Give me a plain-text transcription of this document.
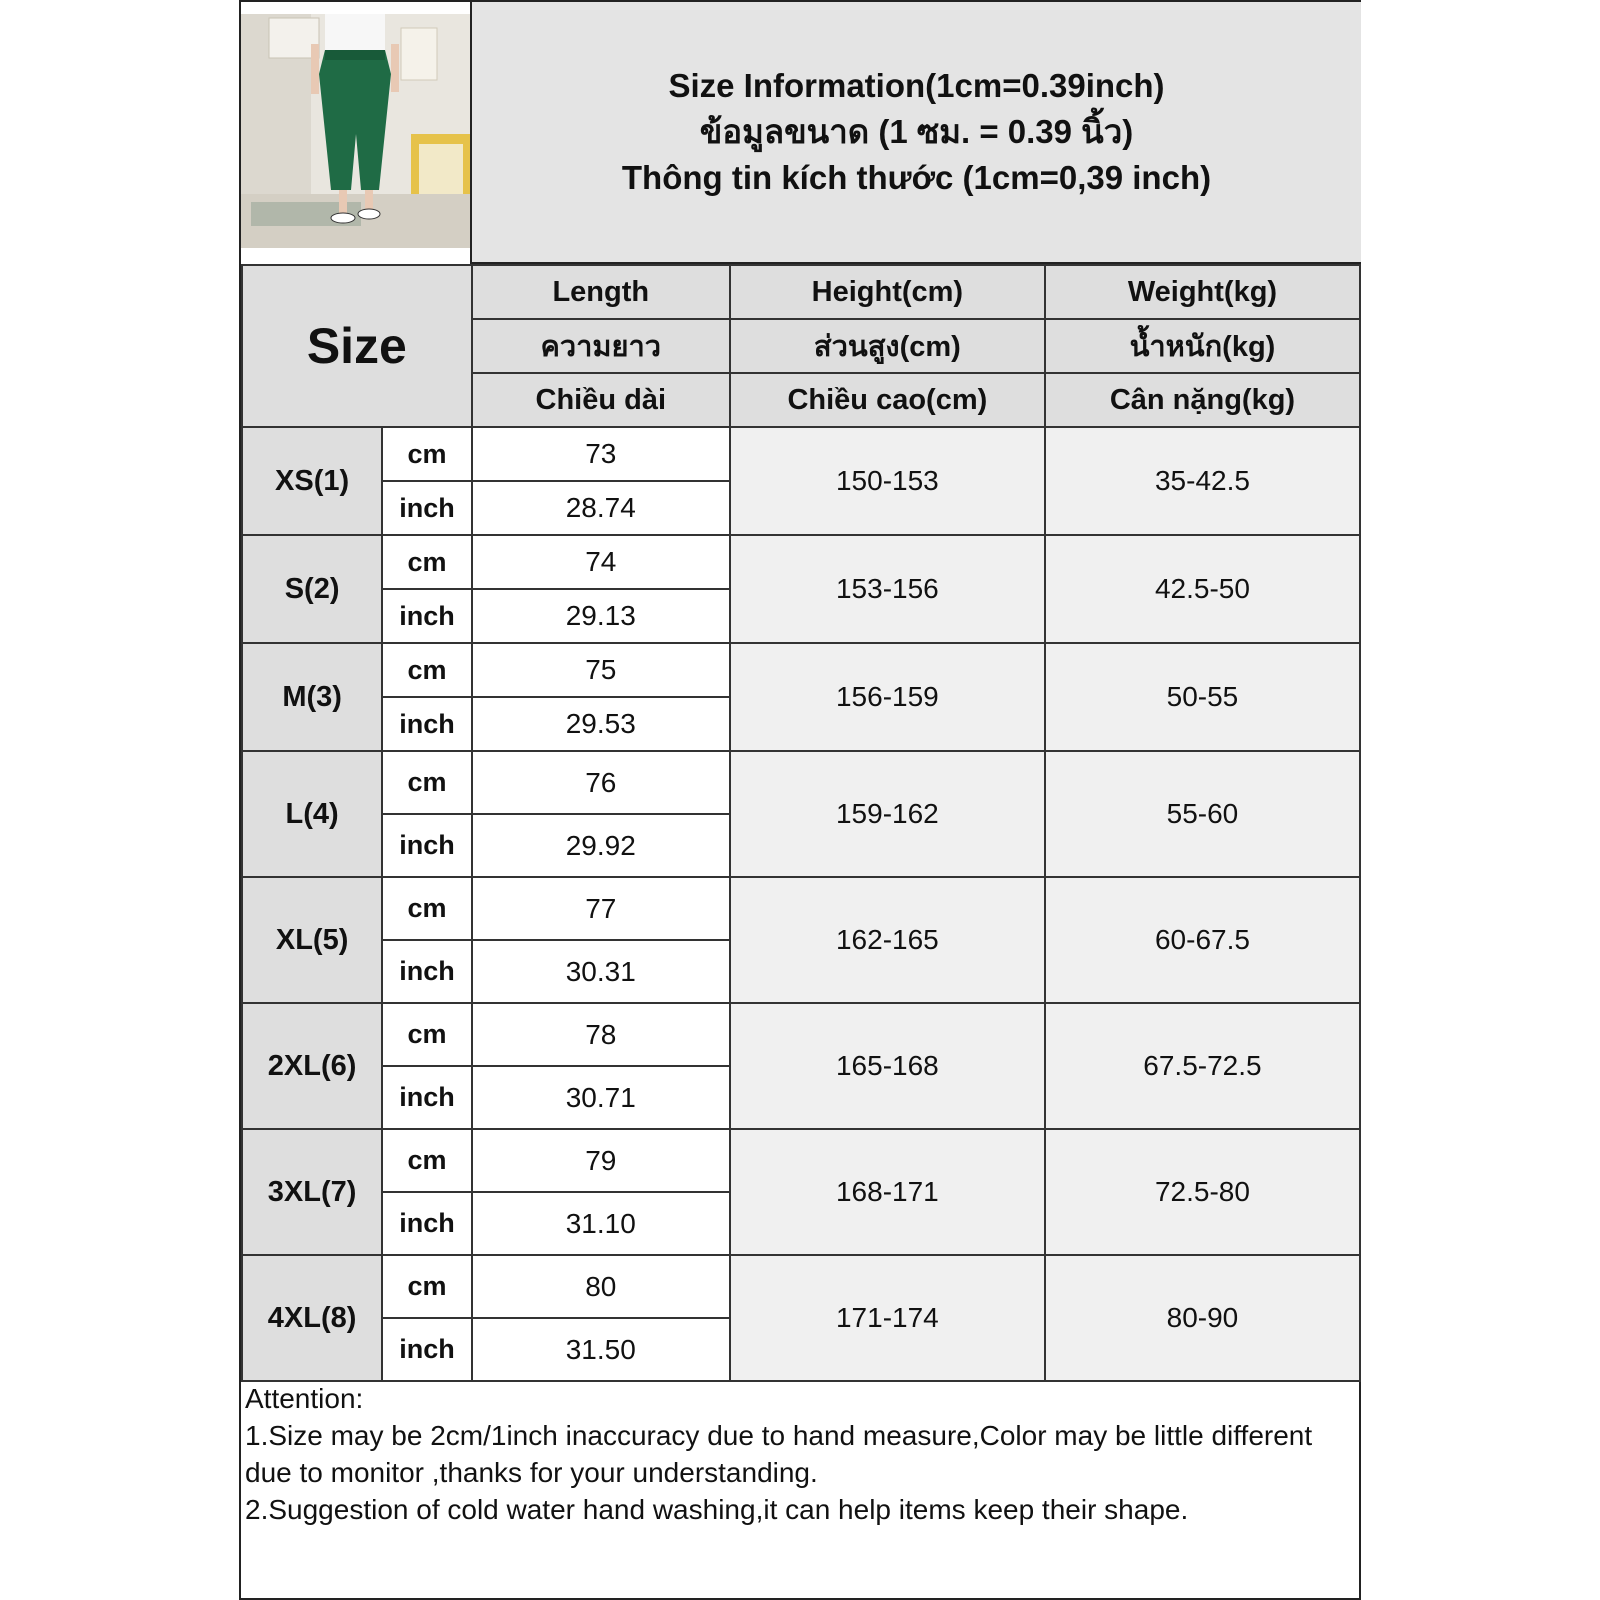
Size Information(1cm=0.39inch)
ข้อมูลขนาด (1 ซม. = 0.39 นิ้ว)
Thông tin kích thước (1cm=0,39 inch)
Size		Length	Height(cm)	Weight(kg)
		ความยาว	ส่วนสูง(cm)	น้ำหนัก(kg)
		Chiều dài	Chiều cao(cm)	Cân nặng(kg)
XS(1)	cm	73	150-153	35-42.5
	inch	28.74		
S(2)	cm	74	153-156	42.5-50
	inch	29.13		
M(3)	cm	75	156-159	50-55
	inch	29.53		
L(4)	cm	76	159-162	55-60
	inch	29.92		
XL(5)	cm	77	162-165	60-67.5
	inch	30.31		
2XL(6)	cm	78	165-168	67.5-72.5
	inch	30.71		
3XL(7)	cm	79	168-171	72.5-80
	inch	31.10		
4XL(8)	cm	80	171-174	80-90
	inch	31.50		
Attention:
1.Size may be 2cm/1inch inaccuracy due to hand measure,Color may be little different
due to monitor ,thanks for your understanding.
2.Suggestion of cold water hand washing,it can help items keep their shape.
